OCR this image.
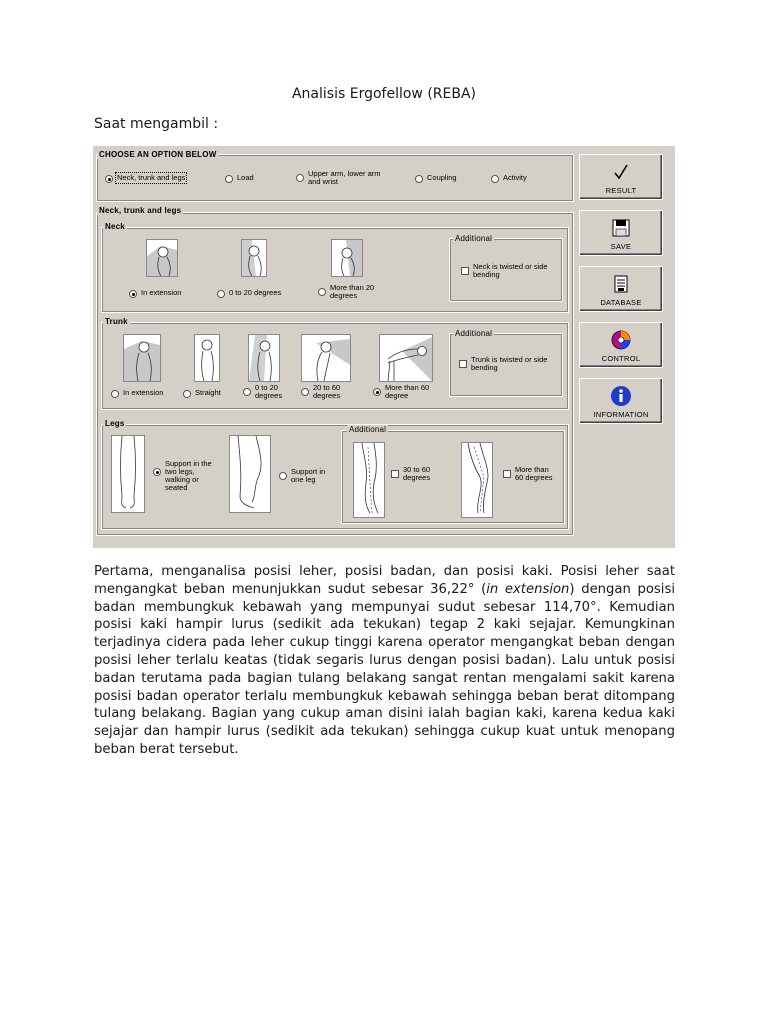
Analisis Ergofellow (REBA)
Saat mengambil :
CHOOSE AN OPTION BELOW
Neck, trunk and legs	Load	Upper arm, lower arm and wrist	Coupling	Activity
Neck, trunk and legs
Neck
In extension	0 to 20 degrees
More than 20 degrees
Additional
Neck is twisted or side bending
Trunk
In extension	Straight
0 to 20 degrees
20 to 60 degrees
More than 60 degree
Additional
Trunk is twisted or side bending
Legs
Support in the two legs, walking or seated
Support in one leg
Additional
30 to 60 degrees
More than 60 degrees
RESULT
SAVE
DATABASE
CONTROL
INFORMATION
Pertama, menganalisa posisi leher, posisi badan, dan posisi kaki. Posisi leher saat mengangkat beban menunjukkan sudut sebesar 36,22° (in extension) dengan posisi badan membungkuk kebawah yang mempunyai sudut sebesar 114,70°. Kemudian posisi kaki hampir lurus (sedikit ada tekukan) tegap 2 kaki sejajar. Kemungkinan terjadinya cidera pada leher cukup tinggi karena operator mengangkat beban dengan posisi leher terlalu keatas (tidak segaris lurus dengan posisi badan). Lalu untuk posisi badan terutama pada bagian tulang belakang sangat rentan mengalami sakit karena posisi badan operator terlalu membungkuk kebawah sehingga beban berat ditompang tulang belakang. Bagian yang cukup aman disini ialah bagian kaki, karena kedua kaki sejajar dan hampir lurus (sedikit ada tekukan) sehingga cukup kuat untuk menopang beban berat tersebut.
